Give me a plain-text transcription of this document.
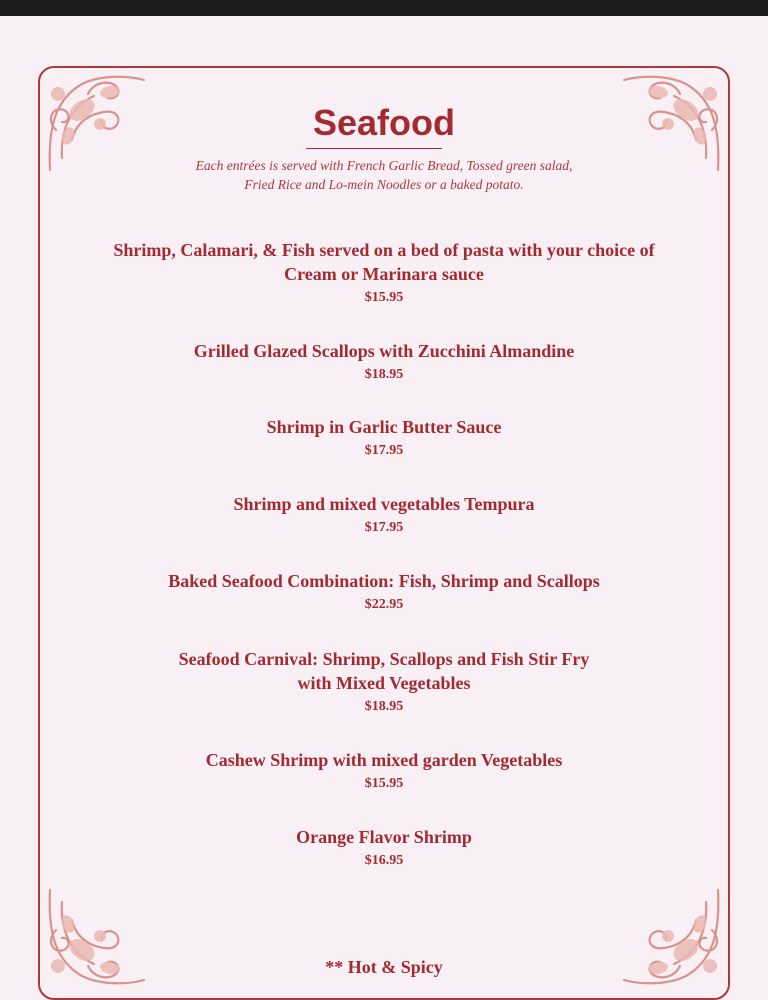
Seafood
Each entrées is served with French Garlic Bread, Tossed green salad, Fried Rice and Lo-mein Noodles or a baked potato.
Shrimp, Calamari, & Fish served on a bed of pasta with your choice of Cream or Marinara sauce
$15.95
Grilled Glazed Scallops with Zucchini Almandine
$18.95
Shrimp in Garlic Butter Sauce
$17.95
Shrimp and mixed vegetables Tempura
$17.95
Baked Seafood Combination: Fish, Shrimp and Scallops
$22.95
Seafood Carnival: Shrimp, Scallops and Fish Stir Fry with Mixed Vegetables
$18.95
Cashew Shrimp with mixed garden Vegetables
$15.95
Orange Flavor Shrimp
$16.95
** Hot & Spicy
